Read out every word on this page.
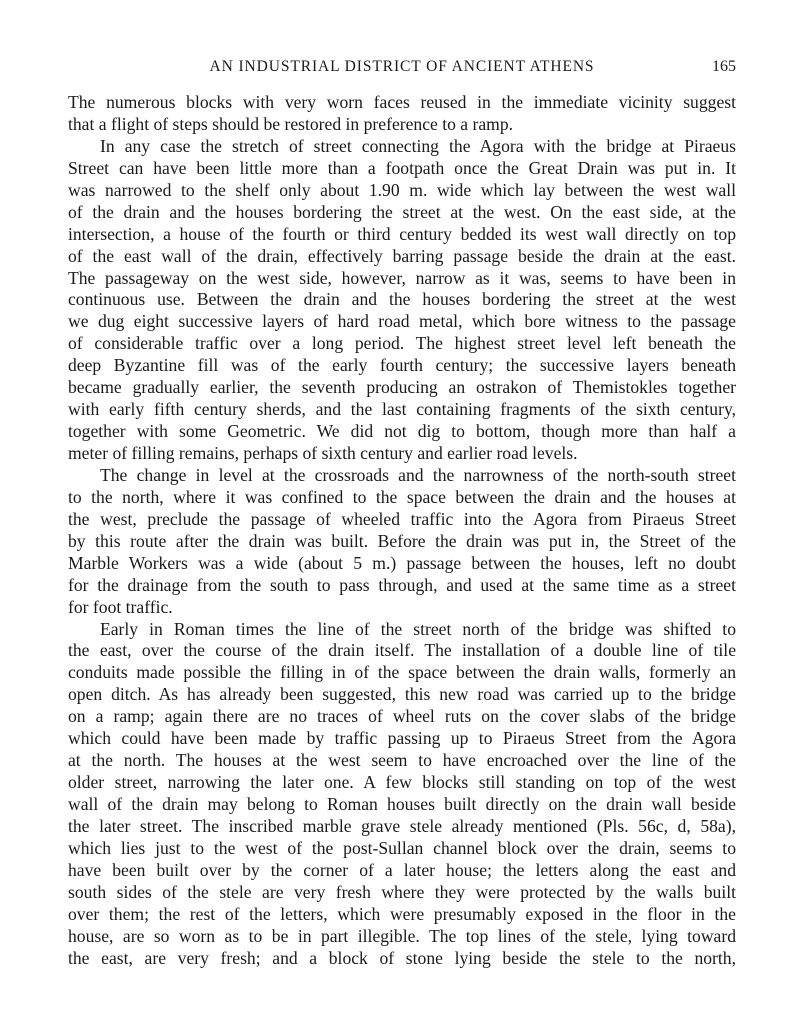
AN INDUSTRIAL DISTRICT OF ANCIENT ATHENS	165
The numerous blocks with very worn faces reused in the immediate vicinity suggest
that a flight of steps should be restored in preference to a ramp.
In any case the stretch of street connecting the Agora with the bridge at Piraeus
Street can have been little more than a footpath once the Great Drain was put in. It
was narrowed to the shelf only about 1.90 m. wide which lay between the west wall
of the drain and the houses bordering the street at the west. On the east side, at the
intersection, a house of the fourth or third century bedded its west wall directly on top
of the east wall of the drain, effectively barring passage beside the drain at the east.
The passageway on the west side, however, narrow as it was, seems to have been in
continuous use. Between the drain and the houses bordering the street at the west
we dug eight successive layers of hard road metal, which bore witness to the passage
of considerable traffic over a long period. The highest street level left beneath the
deep Byzantine fill was of the early fourth century; the successive layers beneath
became gradually earlier, the seventh producing an ostrakon of Themistokles together
with early fifth century sherds, and the last containing fragments of the sixth century,
together with some Geometric. We did not dig to bottom, though more than half a
meter of filling remains, perhaps of sixth century and earlier road levels.
The change in level at the crossroads and the narrowness of the north-south street
to the north, where it was confined to the space between the drain and the houses at
the west, preclude the passage of wheeled traffic into the Agora from Piraeus Street
by this route after the drain was built. Before the drain was put in, the Street of the
Marble Workers was a wide (about 5 m.) passage between the houses, left no doubt
for the drainage from the south to pass through, and used at the same time as a street
for foot traffic.
Early in Roman times the line of the street north of the bridge was shifted to
the east, over the course of the drain itself. The installation of a double line of tile
conduits made possible the filling in of the space between the drain walls, formerly an
open ditch. As has already been suggested, this new road was carried up to the bridge
on a ramp; again there are no traces of wheel ruts on the cover slabs of the bridge
which could have been made by traffic passing up to Piraeus Street from the Agora
at the north. The houses at the west seem to have encroached over the line of the
older street, narrowing the later one. A few blocks still standing on top of the west
wall of the drain may belong to Roman houses built directly on the drain wall beside
the later street. The inscribed marble grave stele already mentioned (Pls. 56c, d, 58a),
which lies just to the west of the post-Sullan channel block over the drain, seems to
have been built over by the corner of a later house; the letters along the east and
south sides of the stele are very fresh where they were protected by the walls built
over them; the rest of the letters, which were presumably exposed in the floor in the
house, are so worn as to be in part illegible. The top lines of the stele, lying toward
the east, are very fresh; and a block of stone lying beside the stele to the north,
